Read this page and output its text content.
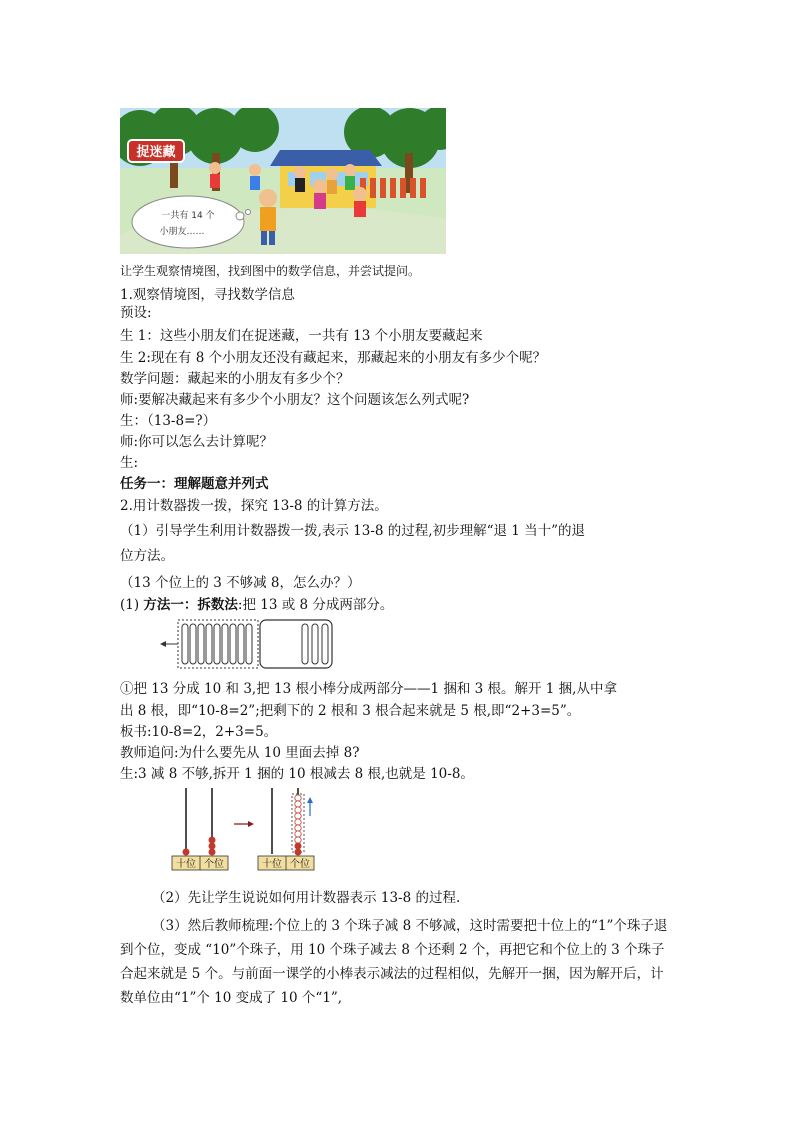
捉迷藏
一共有 14 个
小朋友……
让学生观察情境图，找到图中的数学信息，并尝试提问。
1.观察情境图，寻找数学信息
预设:
生 1：这些小朋友们在捉迷藏，一共有 13 个小朋友要藏起来
生 2:现在有 8 个小朋友还没有藏起来，那藏起来的小朋友有多少个呢？
数学问题：藏起来的小朋友有多少个？
师:要解决藏起来有多少个小朋友？这个问题该怎么列式呢?
生：（13-8=?）
师:你可以怎么去计算呢？
生:
任务一：理解题意并列式
2.用计数器拨一拨，探究 13-8 的计算方法。
（1）引导学生利用计数器拨一拨,表示 13-8 的过程,初步理解“退 1 当十”的退
位方法。
（13 个位上的 3 不够减 8，怎么办？）
(1) 方法一：拆数法:把 13 或 8 分成两部分。
①把 13 分成 10 和 3,把 13 根小棒分成两部分——1 捆和 3 根。解开 1 捆,从中拿
出 8 根，即“10-8=2”;把剩下的 2 根和 3 根合起来就是 5 根,即“2+3=5”。
板书:10-8=2，2+3=5。
教师追问:为什么要先从 10 里面去掉 8?
生:3 减 8 不够,拆开 1 捆的 10 根减去 8 根,也就是 10-8。
十位 个位	十位 个位
（2）先让学生说说如何用计数器表示 13-8 的过程.
（3）然后教师梳理:个位上的 3 个珠子减 8 不够减，这时需要把十位上的“1”个珠子退到个位，变成 “10”个珠子，用 10 个珠子减去 8 个还剩 2 个，再把它和个位上的 3 个珠子合起来就是 5 个。与前面一课学的小棒表示减法的过程相似，先解开一捆，因为解开后，计数单位由“1”个 10 变成了 10 个“1”,
